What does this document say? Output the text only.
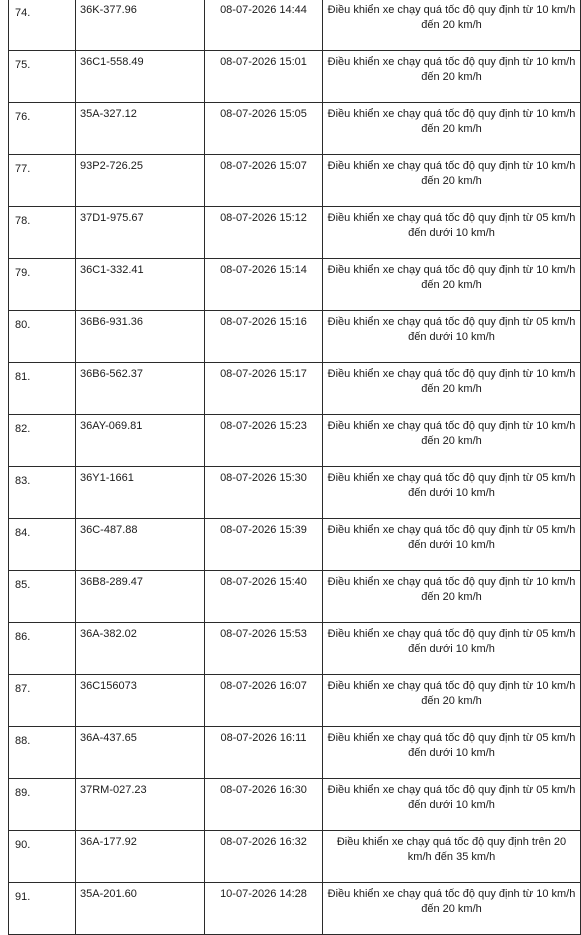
74.	36K-377.96	08-07-2026 14:44	Điều khiển xe chạy quá tốc độ quy định từ 10 km/h đến 20 km/h

75.	36C1-558.49	08-07-2026 15:01	Điều khiển xe chạy quá tốc độ quy định từ 10 km/h đến 20 km/h

76.	35A-327.12	08-07-2026 15:05	Điều khiển xe chạy quá tốc độ quy định từ 10 km/h đến 20 km/h

77.	93P2-726.25	08-07-2026 15:07	Điều khiển xe chạy quá tốc độ quy định từ 10 km/h đến 20 km/h

78.	37D1-975.67	08-07-2026 15:12	Điều khiển xe chạy quá tốc độ quy định từ 05 km/h đến dưới 10 km/h

79.	36C1-332.41	08-07-2026 15:14	Điều khiển xe chạy quá tốc độ quy định từ 10 km/h đến 20 km/h

80.	36B6-931.36	08-07-2026 15:16	Điều khiển xe chạy quá tốc độ quy định từ 05 km/h đến dưới 10 km/h

81.	36B6-562.37	08-07-2026 15:17	Điều khiển xe chạy quá tốc độ quy định từ 10 km/h đến 20 km/h

82.	36AY-069.81	08-07-2026 15:23	Điều khiển xe chạy quá tốc độ quy định từ 10 km/h đến 20 km/h

83.	36Y1-1661	08-07-2026 15:30	Điều khiển xe chạy quá tốc độ quy định từ 05 km/h đến dưới 10 km/h

84.	36C-487.88	08-07-2026 15:39	Điều khiển xe chạy quá tốc độ quy định từ 05 km/h đến dưới 10 km/h

85.	36B8-289.47	08-07-2026 15:40	Điều khiển xe chạy quá tốc độ quy định từ 10 km/h đến 20 km/h

86.	36A-382.02	08-07-2026 15:53	Điều khiển xe chạy quá tốc độ quy định từ 05 km/h đến dưới 10 km/h

87.	36C156073	08-07-2026 16:07	Điều khiển xe chạy quá tốc độ quy định từ 10 km/h đến 20 km/h

88.	36A-437.65	08-07-2026 16:11	Điều khiển xe chạy quá tốc độ quy định từ 05 km/h đến dưới 10 km/h

89.	37RM-027.23	08-07-2026 16:30	Điều khiển xe chạy quá tốc độ quy định từ 05 km/h đến dưới 10 km/h

90.	36A-177.92	08-07-2026 16:32	Điều khiển xe chạy quá tốc độ quy định trên 20 km/h đến 35 km/h

91.	35A-201.60	10-07-2026 14:28	Điều khiển xe chạy quá tốc độ quy định từ 10 km/h đến 20 km/h
